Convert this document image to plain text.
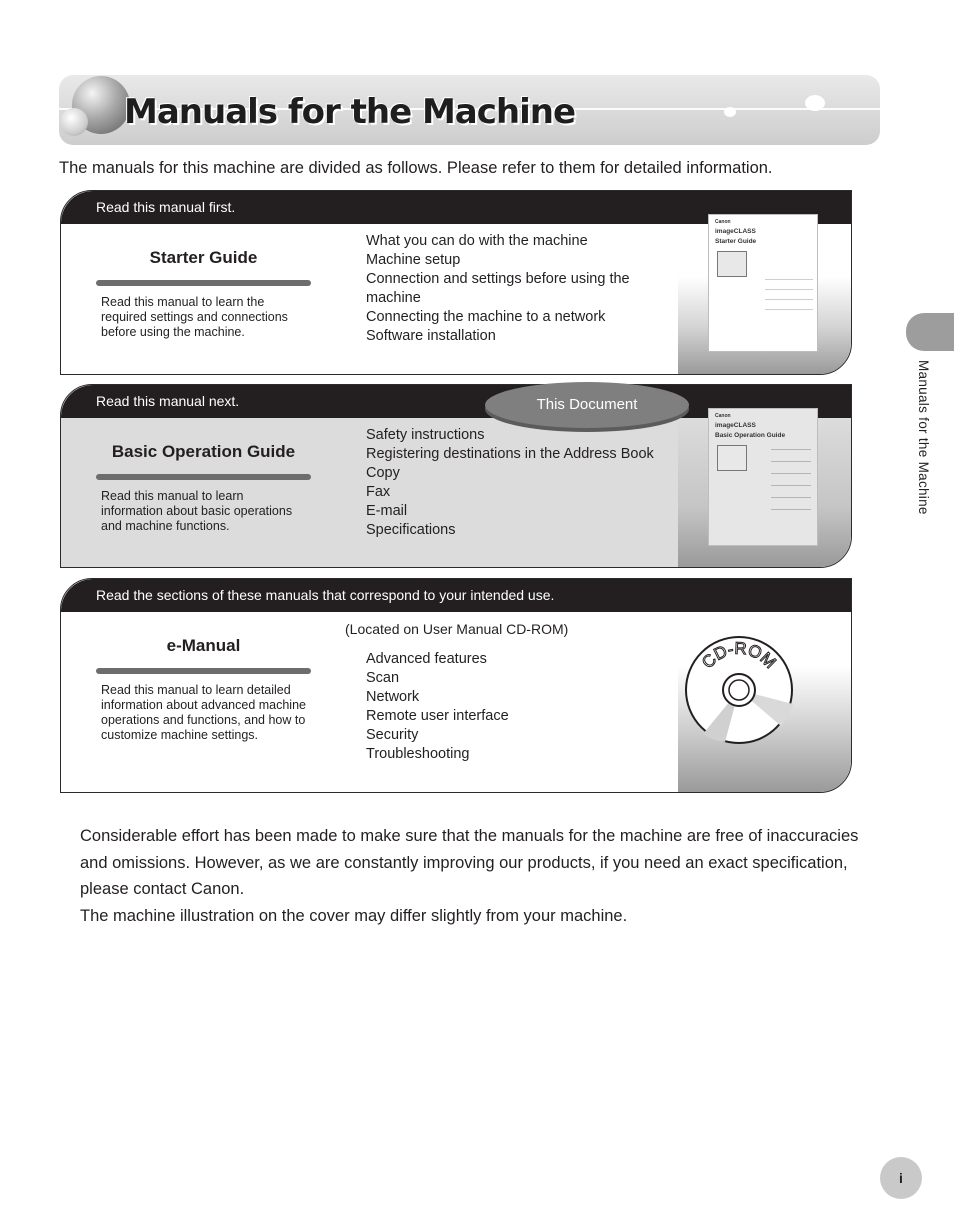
Manuals for the Machine

The manuals for this machine are divided as follows. Please refer to them for detailed information.

Read this manual first.
Starter Guide
Read this manual to learn the required settings and connections before using the machine.
What you can do with the machine
Machine setup
Connection and settings before using the machine
Connecting the machine to a network
Software installation
Canon
imageCLASS
Starter Guide
Read this manual next.
Basic Operation Guide
Read this manual to learn information about basic operations and machine functions.
Safety instructions
Registering destinations in the Address Book
Copy
Fax
E-mail
Specifications
Canon
imageCLASS
Basic Operation Guide
This Document
Read the sections of these manuals that correspond to your intended use.
e-Manual
Read this manual to learn detailed information about advanced machine operations and functions, and how to customize machine settings.
(Located on User Manual CD-ROM)
Advanced features
Scan
Network
Remote user interface
Security
Troubleshooting
CD-ROM
Manuals for the Machine

Considerable effort has been made to make sure that the manuals for the machine are free of inaccuracies and omissions. However, as we are constantly improving our products, if you need an exact specification, please contact Canon.

The machine illustration on the cover may differ slightly from your machine.

i
